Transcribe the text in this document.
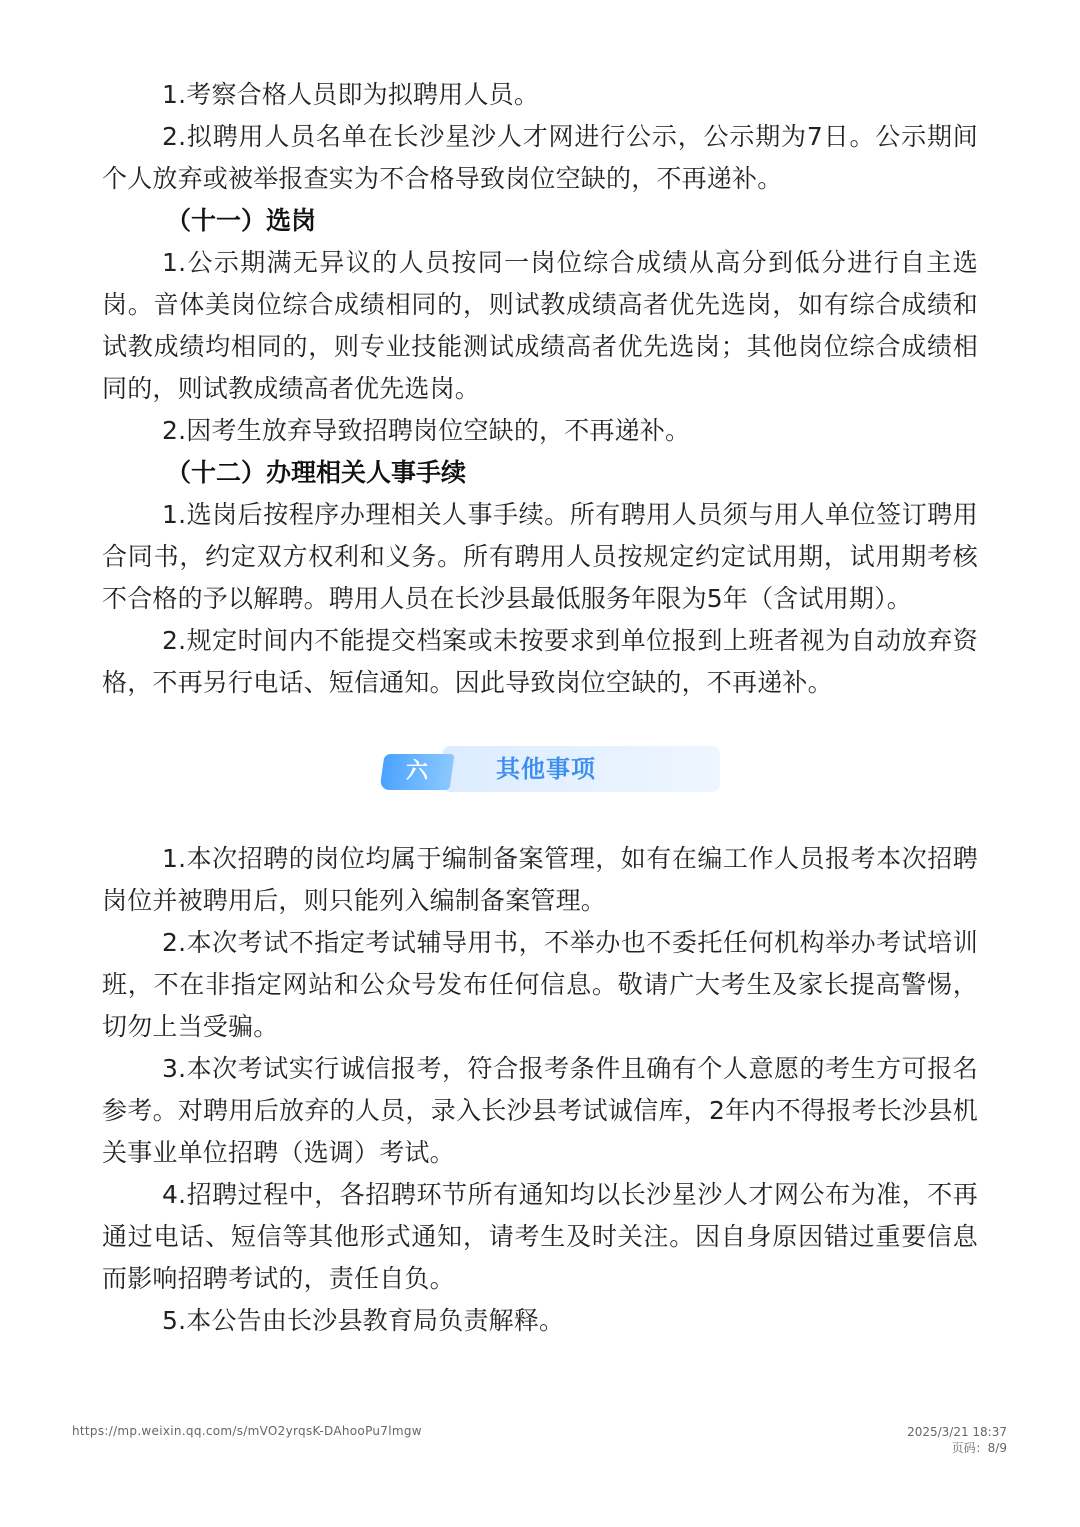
1.考察合格人员即为拟聘用人员。

2.拟聘用人员名单在长沙星沙人才网进行公示，公示期为7日。公示期间个人放弃或被举报查实为不合格导致岗位空缺的，不再递补。

（十一）选岗

1.公示期满无异议的人员按同一岗位综合成绩从高分到低分进行自主选岗。音体美岗位综合成绩相同的，则试教成绩高者优先选岗，如有综合成绩和试教成绩均相同的，则专业技能测试成绩高者优先选岗；其他岗位综合成绩相同的，则试教成绩高者优先选岗。

2.因考生放弃导致招聘岗位空缺的，不再递补。

（十二）办理相关人事手续

1.选岗后按程序办理相关人事手续。所有聘用人员须与用人单位签订聘用合同书，约定双方权利和义务。所有聘用人员按规定约定试用期，试用期考核不合格的予以解聘。聘用人员在长沙县最低服务年限为5年（含试用期）。

2.规定时间内不能提交档案或未按要求到单位报到上班者视为自动放弃资格，不再另行电话、短信通知。因此导致岗位空缺的，不再递补。

六	其他事项

1.本次招聘的岗位均属于编制备案管理，如有在编工作人员报考本次招聘岗位并被聘用后，则只能列入编制备案管理。

2.本次考试不指定考试辅导用书，不举办也不委托任何机构举办考试培训班，不在非指定网站和公众号发布任何信息。敬请广大考生及家长提高警惕，切勿上当受骗。

3.本次考试实行诚信报考，符合报考条件且确有个人意愿的考生方可报名参考。对聘用后放弃的人员，录入长沙县考试诚信库，2年内不得报考长沙县机关事业单位招聘（选调）考试。

4.招聘过程中，各招聘环节所有通知均以长沙星沙人才网公布为准，不再通过电话、短信等其他形式通知，请考生及时关注。因自身原因错过重要信息而影响招聘考试的，责任自负。

5.本公告由长沙县教育局负责解释。

https://mp.weixin.qq.com/s/mVO2yrqsK-DAhooPu7lmgw	2025/3/21 18:37
页码：8/9
